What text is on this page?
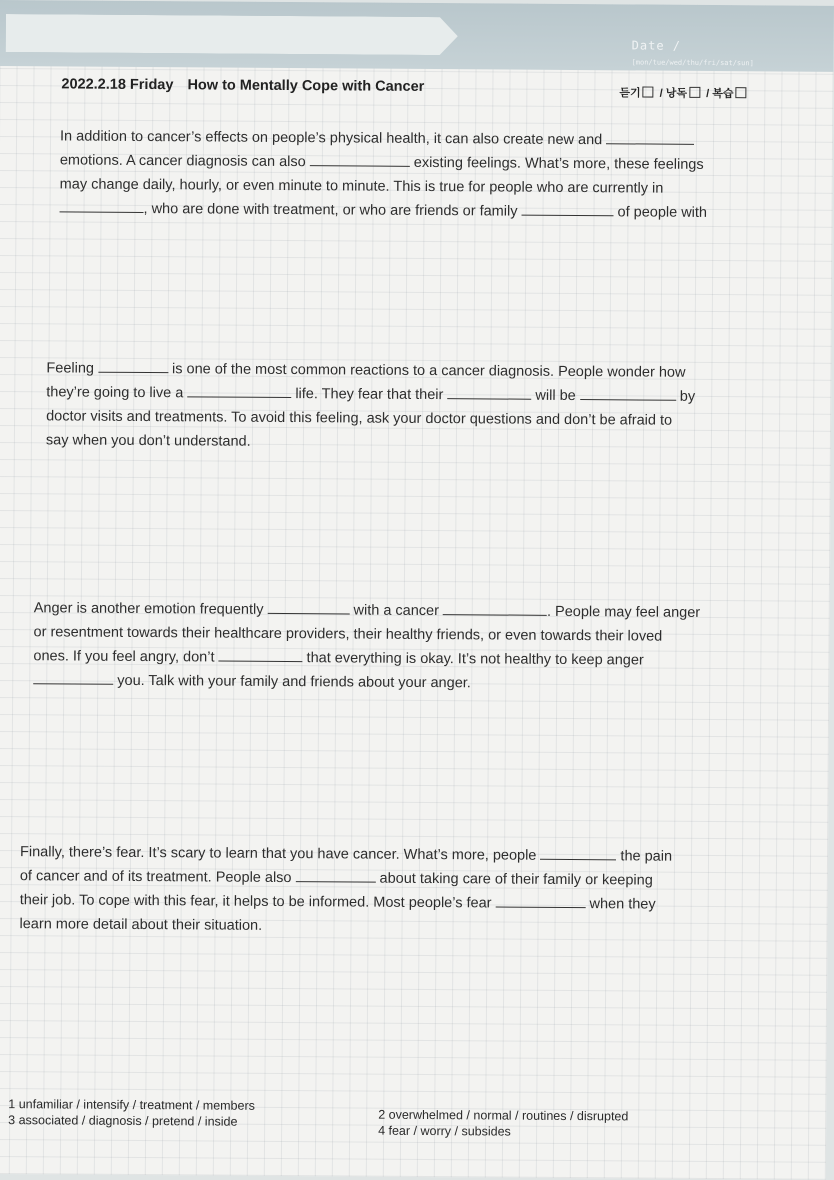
Date /
[mon/tue/wed/thu/fri/sat/sun]
2022.2.18 Friday How to Mentally Cope with Cancer	듣기 / 낭독 / 복습
In addition to cancer’s effects on people’s physical health, it can also create new and
emotions. A cancer diagnosis can also	existing feelings. What’s more, these feelings
may change daily, hourly, or even minute to minute. This is true for people who are currently in
, who are done with treatment, or who are friends or family	of people with
Feeling	is one of the most common reactions to a cancer diagnosis. People wonder how
they’re going to live a	life. They fear that their	will be	by
doctor visits and treatments. To avoid this feeling, ask your doctor questions and don’t be afraid to
say when you don’t understand.
Anger is another emotion frequently	with a cancer	. People may feel anger
or resentment towards their healthcare providers, their healthy friends, or even towards their loved
ones. If you feel angry, don’t	that everything is okay. It’s not healthy to keep anger
you. Talk with your family and friends about your anger.
Finally, there’s fear. It’s scary to learn that you have cancer. What’s more, people	the pain
of cancer and of its treatment. People also	about taking care of their family or keeping
their job. To cope with this fear, it helps to be informed. Most people’s fear	when they
learn more detail about their situation.
1 unfamiliar / intensify / treatment / members
3 associated / diagnosis / pretend / inside	2 overwhelmed / normal / routines / disrupted
4 fear / worry / subsides
